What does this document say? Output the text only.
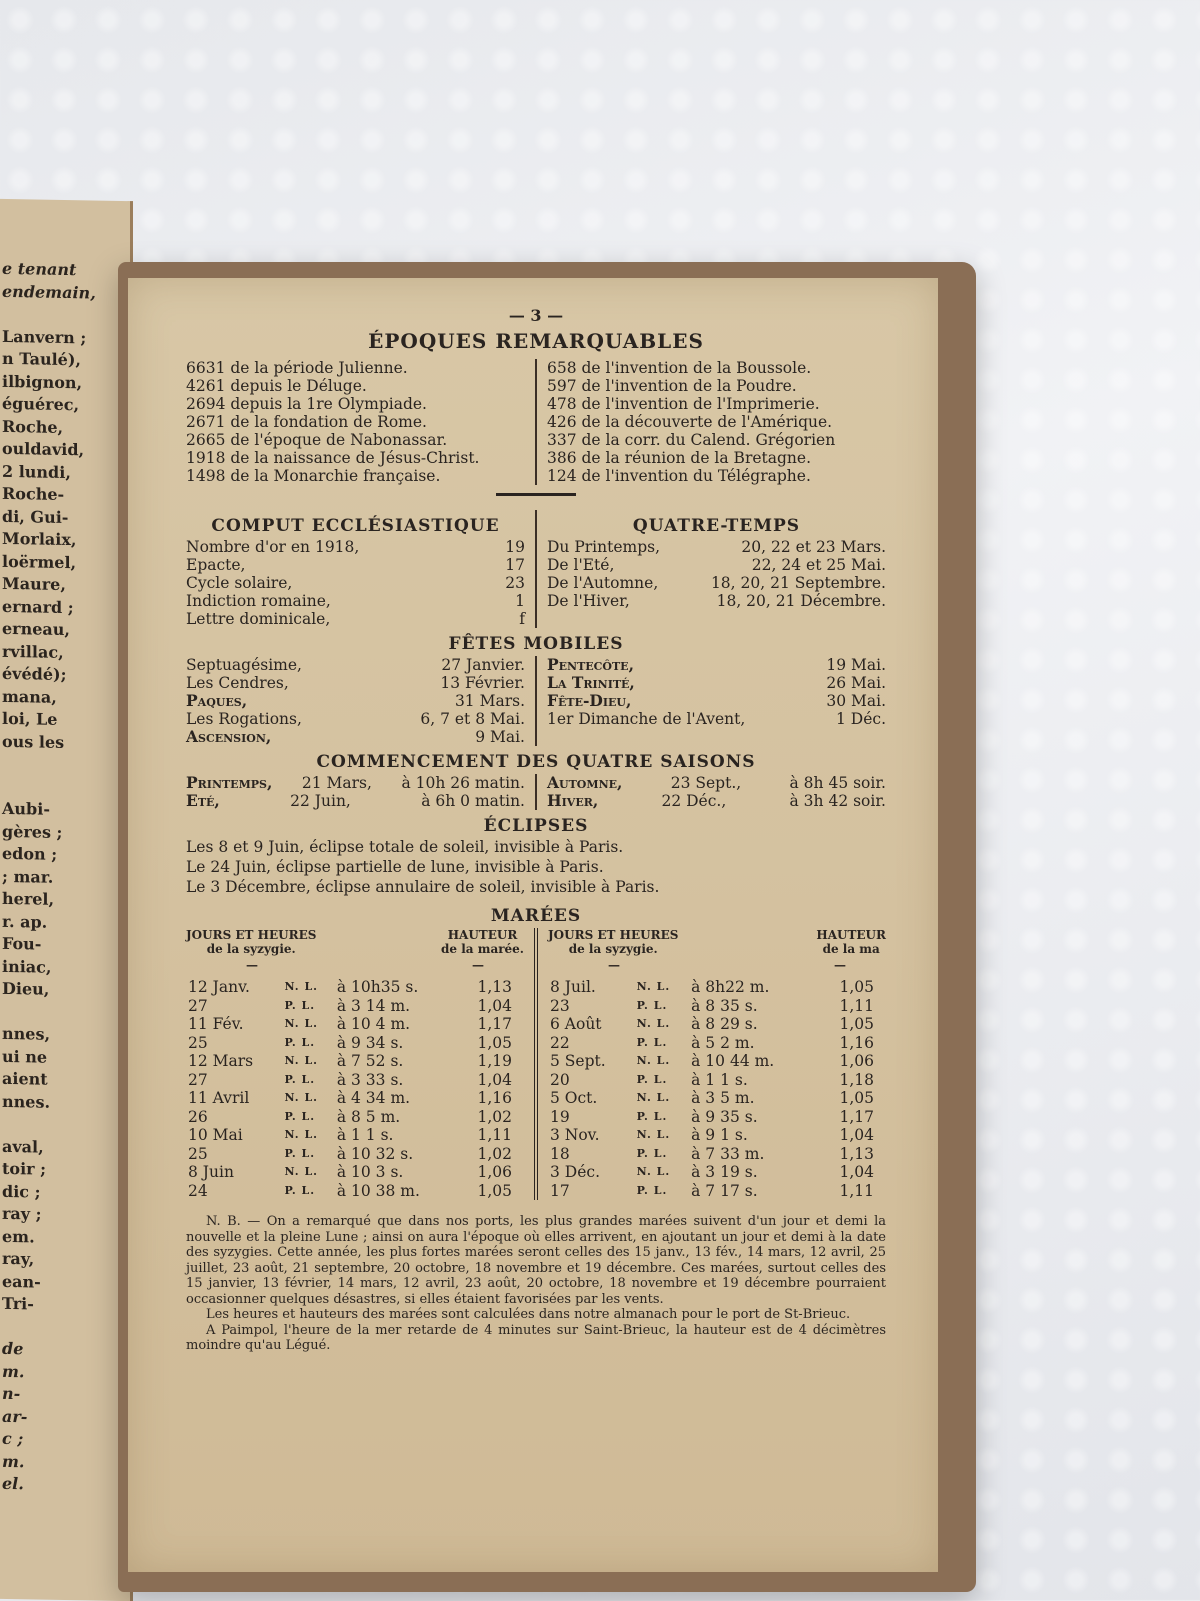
e tenant
endemain,
Lanvern ;
n Taulé),
ilbignon,
éguérec,
Roche,
ouldavid,
2 lundi,
Roche-
di, Gui-
Morlaix,
loërmel,
Maure,
ernard ;
erneau,
rvillac,
évédé);
mana,
loi, Le
ous les
Aubi-
gères ;
edon ;
; mar.
herel,
r. ap.
Fou-
iniac,
Dieu,
nnes,
ui ne
aient
nnes.
aval,
toir ;
dic ;
ray ;
em.
ray,
ean-
Tri-
de
m.
n-
ar-
c ;
m.
el.
— 3 —
ÉPOQUES REMARQUABLES
6631 de la période Julienne.
4261 depuis le Déluge.
2694 depuis la 1re Olympiade.
2671 de la fondation de Rome.
2665 de l'époque de Nabonassar.
1918 de la naissance de Jésus-Christ.
1498 de la Monarchie française.
658 de l'invention de la Boussole.
597 de l'invention de la Poudre.
478 de l'invention de l'Imprimerie.
426 de la découverte de l'Amérique.
337 de la corr. du Calend. Grégorien
386 de la réunion de la Bretagne.
124 de l'invention du Télégraphe.
COMPUT ECCLÉSIASTIQUE
Nombre d'or en 1918,	19
Epacte,	17
Cycle solaire,	23
Indiction romaine,	1
Lettre dominicale,	f
QUATRE-TEMPS
Du Printemps,	20, 22 et 23 Mars.
De l'Eté,	22, 24 et 25 Mai.
De l'Automne,	18, 20, 21 Septembre.
De l'Hiver,	18, 20, 21 Décembre.
FÊTES MOBILES
Septuagésime,	27 Janvier.
Les Cendres,	13 Février.
Paques,	31 Mars.
Les Rogations,	6, 7 et 8 Mai.
Ascension,	9 Mai.
Pentecôte,	19 Mai.
La Trinité,	26 Mai.
Fête-Dieu,	30 Mai.
1er Dimanche de l'Avent,	1 Déc.
COMMENCEMENT DES QUATRE SAISONS
Printemps, 21 Mars, à 10h 26 matin.
Eté,	22 Juin,	à 6h 0 matin.
Automne,	23 Sept.,	à 8h 45 soir.
Hiver,	22 Déc.,	à 3h 42 soir.
ÉCLIPSES
Les 8 et 9 Juin, éclipse totale de soleil, invisible à Paris.
Le 24 Juin, éclipse partielle de lune, invisible à Paris.
Le 3 Décembre, éclipse annulaire de soleil, invisible à Paris.
MARÉES
JOURS ET HEURES
de la syzygie.
HAUTEUR
de la marée.
—	—
12 Janv.	N. L.	à 10h35 s.	1,13
27	P. L.	à 3 14 m.	1,04
11 Fév.	N. L.	à 10 4 m.	1,17
25	P. L.	à 9 34 s.	1,05
12 Mars	N. L.	à 7 52 s.	1,19
27	P. L.	à 3 33 s.	1,04
11 Avril	N. L.	à 4 34 m.	1,16
26	P. L.	à 8 5 m.	1,02
10 Mai	N. L.	à 1 1 s.	1,11
25	P. L.	à 10 32 s.	1,02
8 Juin	N. L.	à 10 3 s.	1,06
24	P. L.	à 10 38 m.	1,05
JOURS ET HEURES
de la syzygie.
HAUTEUR
de la ma
—	—
8 Juil.	N. L.	à 8h22 m.	1,05
23	P. L.	à 8 35 s.	1,11
6 Août	N. L.	à 8 29 s.	1,05
22	P. L.	à 5 2 m.	1,16
5 Sept.	N. L.	à 10 44 m.	1,06
20	P. L.	à 1 1 s.	1,18
5 Oct.	N. L.	à 3 5 m.	1,05
19	P. L.	à 9 35 s.	1,17
3 Nov.	N. L.	à 9 1 s.	1,04
18	P. L.	à 7 33 m.	1,13
3 Déc.	N. L.	à 3 19 s.	1,04
17	P. L.	à 7 17 s.	1,11

N. B. — On a remarqué que dans nos ports, les plus grandes marées suivent d'un jour et demi la nouvelle et la pleine Lune ; ainsi on aura l'époque où elles arrivent, en ajoutant un jour et demi à la date des syzygies. Cette année, les plus fortes marées seront celles des 15 janv., 13 fév., 14 mars, 12 avril, 25 juillet, 23 août, 21 septembre, 20 octobre, 18 novembre et 19 décembre. Ces marées, surtout celles des 15 janvier, 13 février, 14 mars, 12 avril, 23 août, 20 octobre, 18 novembre et 19 décembre pourraient occasionner quelques désastres, si elles étaient favorisées par les vents.

Les heures et hauteurs des marées sont calculées dans notre almanach pour le port de St-Brieuc.

A Paimpol, l'heure de la mer retarde de 4 minutes sur Saint-Brieuc, la hauteur est de 4 décimètres moindre qu'au Légué.
